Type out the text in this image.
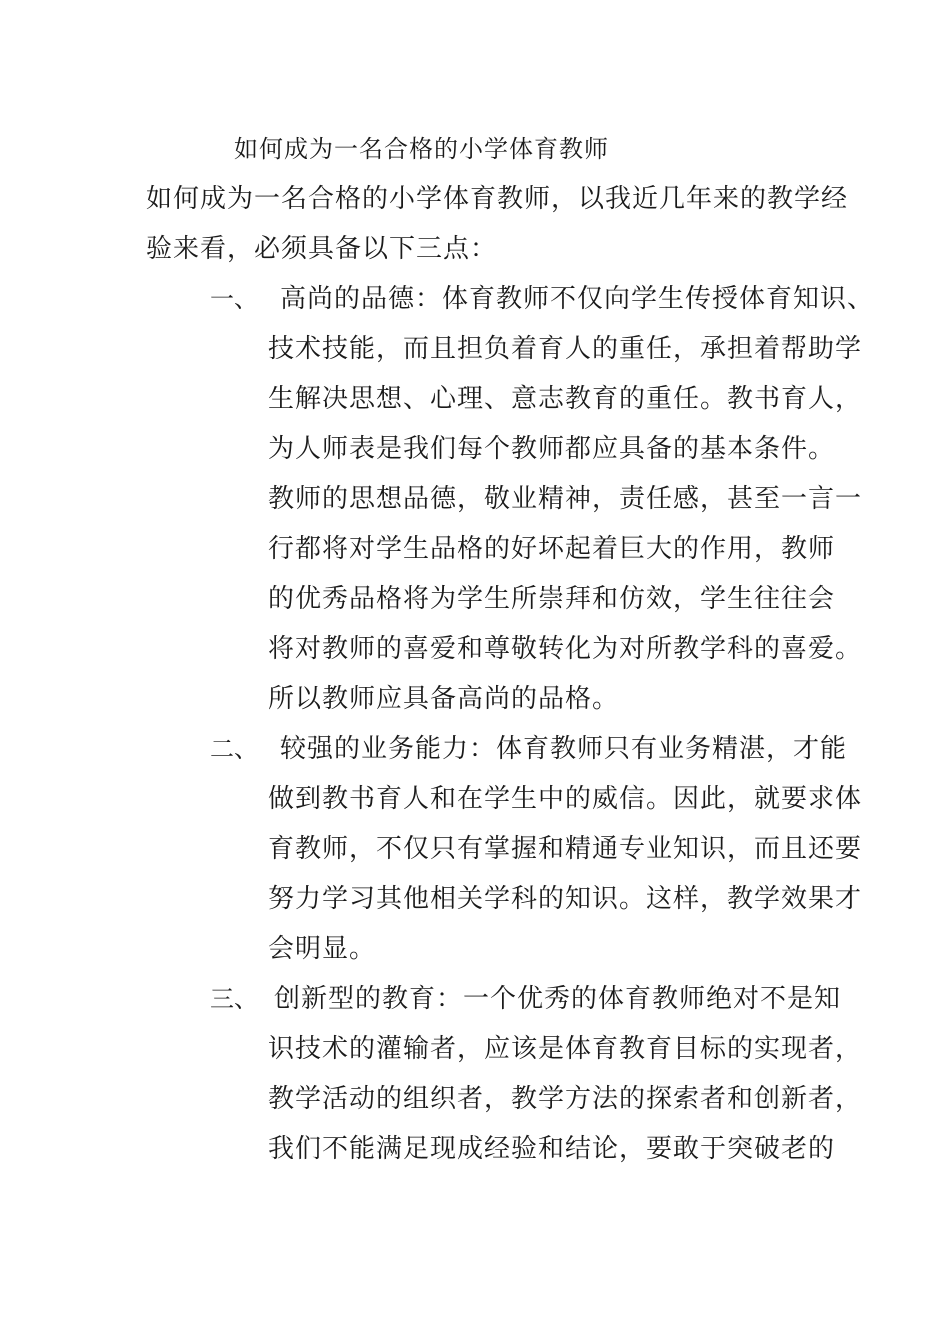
如何成为一名合格的小学体育教师
如何成为一名合格的小学体育教师，以我近几年来的教学经
验来看，必须具备以下三点：
一、 高尚的品德：体育教师不仅向学生传授体育知识、
技术技能，而且担负着育人的重任，承担着帮助学
生解决思想、心理、意志教育的重任。教书育人，
为人师表是我们每个教师都应具备的基本条件。
教师的思想品德，敬业精神，责任感，甚至一言一
行都将对学生品格的好坏起着巨大的作用，教师
的优秀品格将为学生所崇拜和仿效，学生往往会
将对教师的喜爱和尊敬转化为对所教学科的喜爱。
所以教师应具备高尚的品格。
二、 较强的业务能力：体育教师只有业务精湛，才能
做到教书育人和在学生中的威信。因此，就要求体
育教师，不仅只有掌握和精通专业知识，而且还要
努力学习其他相关学科的知识。这样，教学效果才
会明显。
三、 创新型的教育：一个优秀的体育教师绝对不是知
识技术的灌输者，应该是体育教育目标的实现者，
教学活动的组织者，教学方法的探索者和创新者，
我们不能满足现成经验和结论，要敢于突破老的
